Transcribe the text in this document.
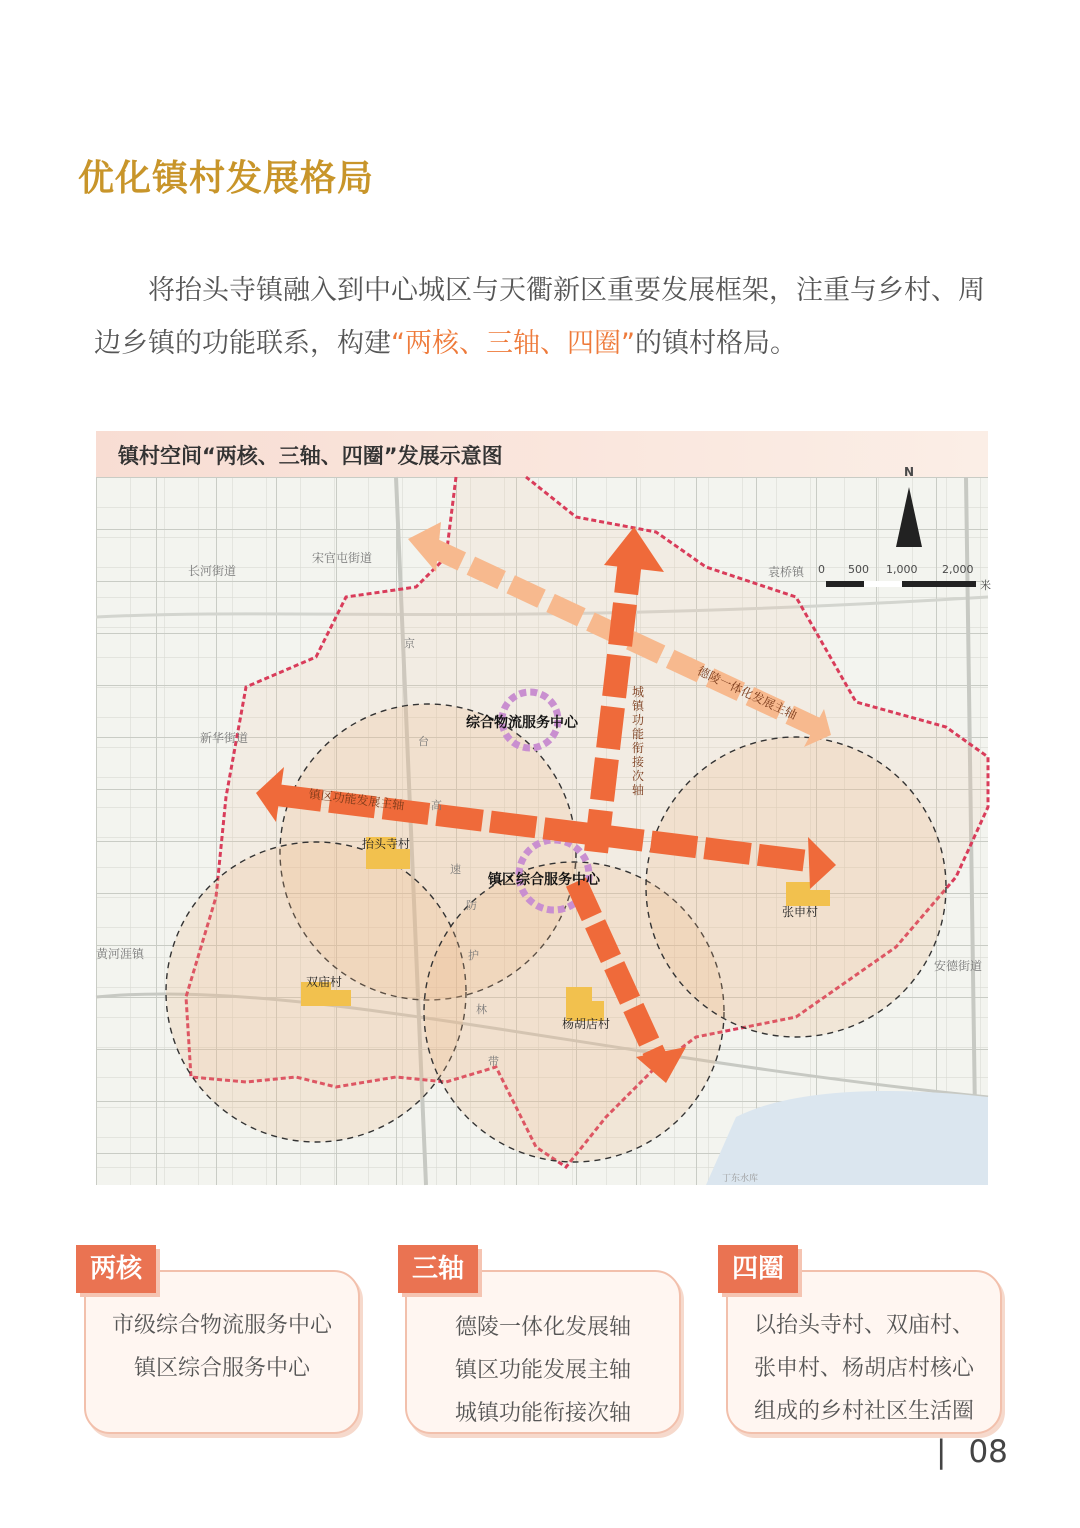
优化镇村发展格局
将抬头寺镇融入到中心城区与天衢新区重要发展框架，注重与乡村、周边乡镇的功能联系，构建“两核、三轴、四圈”的镇村格局。
镇村空间“两核、三轴、四圈”发展示意图
N
0 500 1,000 2,000
米
长河街道
宋官屯街道
袁桥镇
新华街道
黄河涯镇
安德街道
丁东水库
抬头寺村
双庙村
张申村
杨胡店村
综合物流服务中心
镇区综合服务中心
德陵一体化发展主轴
镇区功能发展主轴
城镇功能衔接次轴
京
台
高
速
防
护
林
带
市级综合物流服务中心
镇区综合服务中心
两核
德陵一体化发展轴
镇区功能发展主轴
城镇功能衔接次轴
三轴
以抬头寺村、双庙村、
张申村、杨胡店村核心
组成的乡村社区生活圈
四圈
| 08
